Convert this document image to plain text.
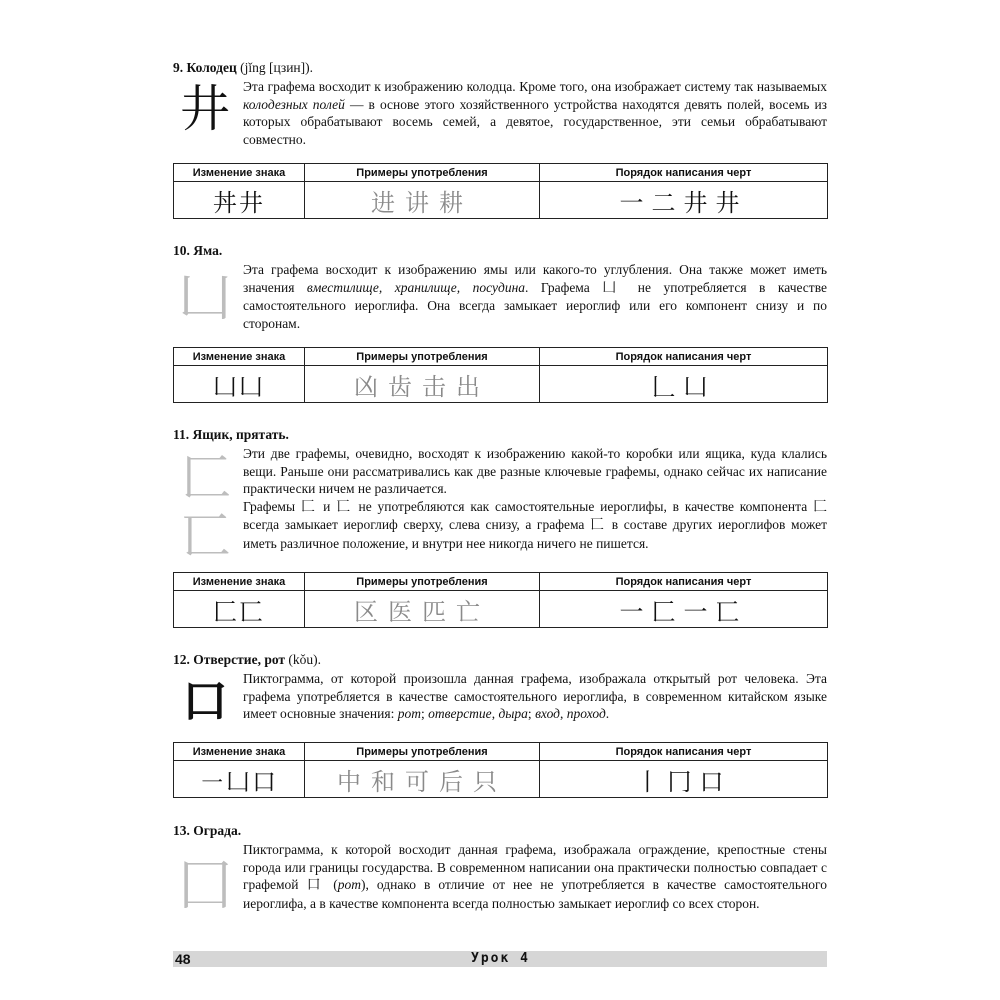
9. Колодец (jǐng [цзин]).
井 Эта графема восходит к изображению колодца. Кроме того, она изображает систему так называемых колодезных полей — в основе этого хозяйственного устройства находятся девять полей, восемь из которых обрабатывают восемь семей, а девятое, государственное, эти семьи обрабатывают совместно.
Изменение знака	Примеры употребления	Порядок написания черт
丼井	进讲耕	一二井井
10. Яма.
凵 Эта графема восходит к изображению ямы или какого-то углубления. Она также может иметь значения вместилище, хранилище, посудина. Графема 凵 не употребляется в качестве самостоятельного иероглифа. Она всегда замыкает иероглиф или его компонент снизу и по сторонам.
Изменение знака	Примеры употребления	Порядок написания черт
凵凵	凶齿击出	𠃊凵
11. Ящик, прятать.
匚
匸
Эти две графемы, очевидно, восходят к изображению какой-то коробки или ящика, куда клались вещи. Раньше они рассматривались как две разные ключевые графемы, однако сейчас их написание практически ничем не различается.
Графемы 匚 и 匸 не употребляются как самостоятельные иероглифы, в качестве компонента 匚 всегда замыкает иероглиф сверху, слева снизу, а графема 匸 в составе других иероглифов может иметь различное положение, и внутри нее никогда ничего не пишется.
Изменение знака	Примеры употребления	Порядок написания черт
匚匸	区医匹亡	一匚一匸
12. Отверстие, рот (kǒu).
口	Пиктограмма, от которой произошла данная графема, изображала открытый рот человека. Эта графема употребляется в качестве самостоятельного иероглифа, в современном китайском языке имеет основные значения: рот; отверстие, дыра; вход, проход.
Изменение знака	Примеры употребления	Порядок написания черт
㇐凵口	中和可后只	丨冂口
13. Ограда.
囗
Пиктограмма, к которой восходит данная графема, изображала ограждение, крепостные стены города или границы государства. В современном написании она практически полностью совпадает с графемой 口 (рот), однако в отличие от нее не употребляется в качестве самостоятельного иероглифа, а в качестве компонента всегда полностью замыкает иероглиф со всех сторон.
48	Урок 4
